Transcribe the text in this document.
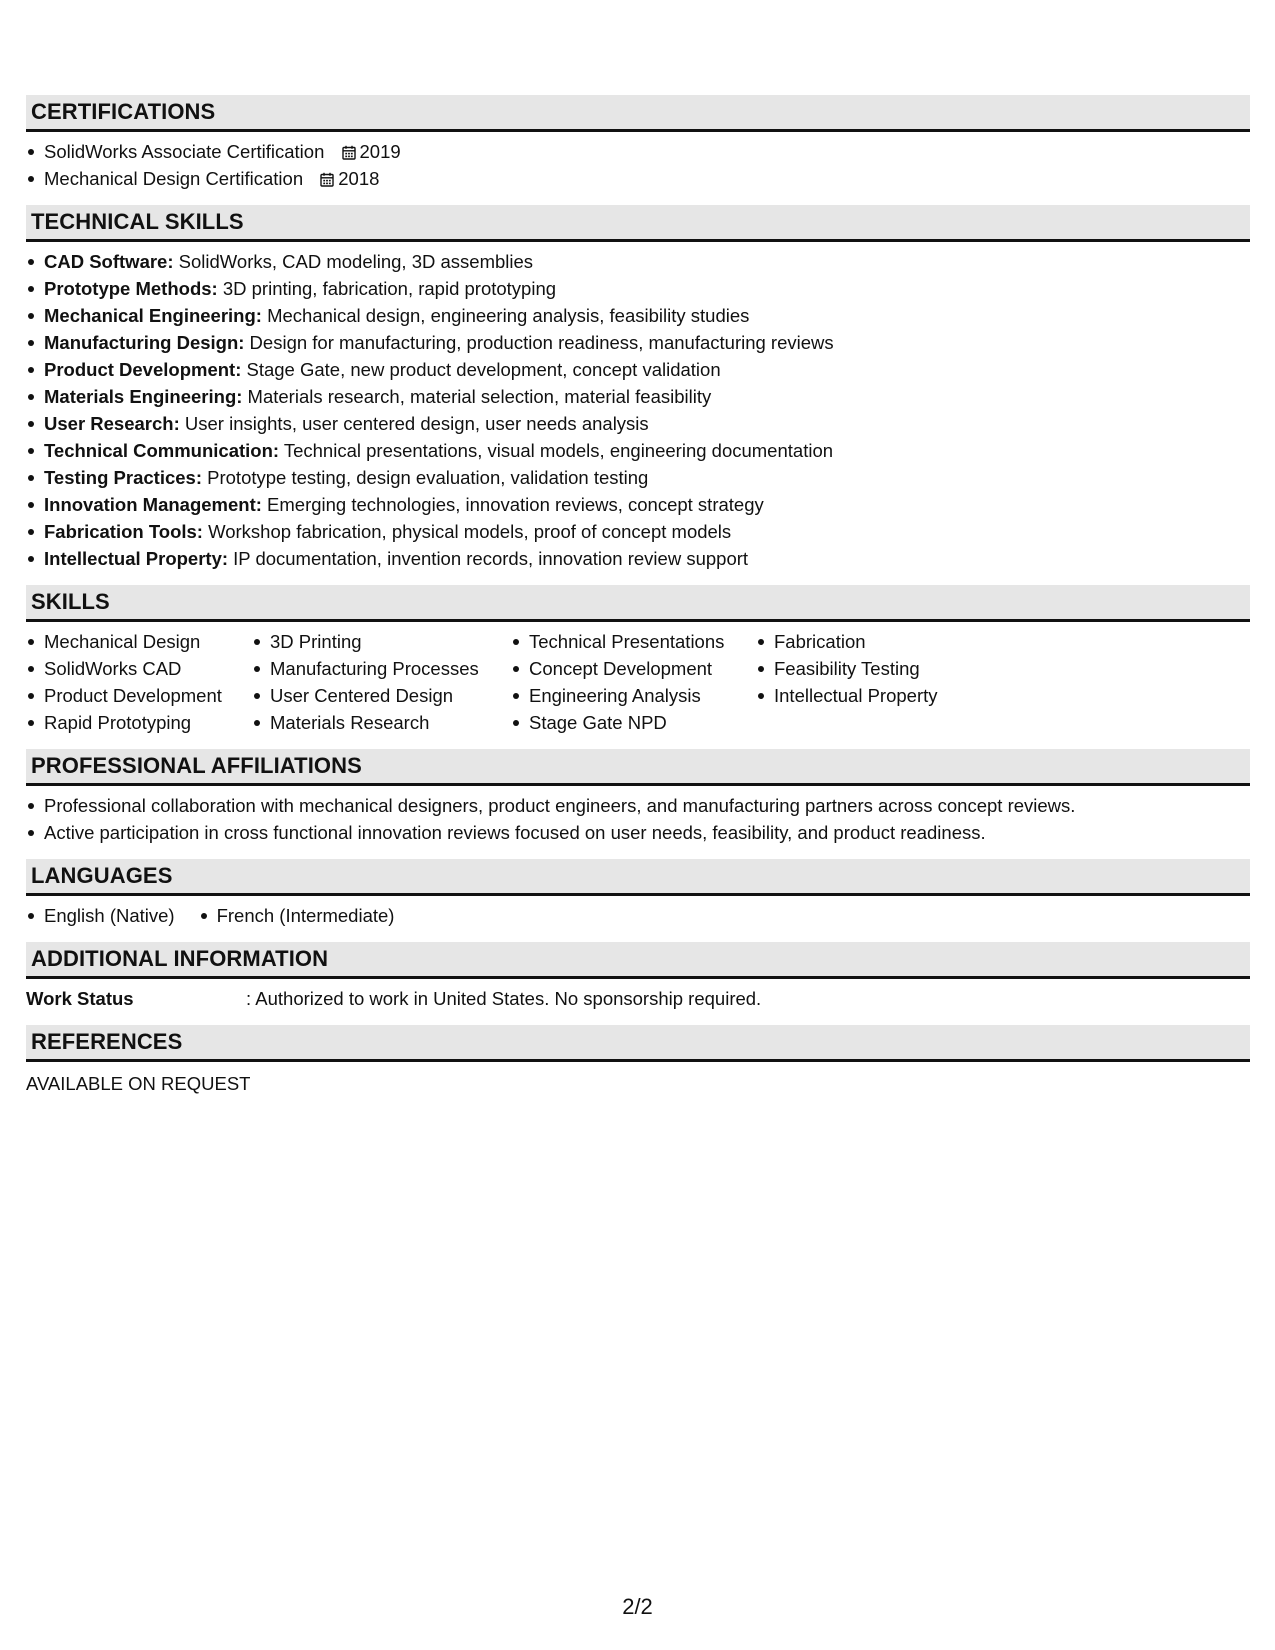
CERTIFICATIONS
SolidWorks Associate Certification 2019
Mechanical Design Certification 2018
TECHNICAL SKILLS
CAD Software: SolidWorks, CAD modeling, 3D assemblies
Prototype Methods: 3D printing, fabrication, rapid prototyping
Mechanical Engineering: Mechanical design, engineering analysis, feasibility studies
Manufacturing Design: Design for manufacturing, production readiness, manufacturing reviews
Product Development: Stage Gate, new product development, concept validation
Materials Engineering: Materials research, material selection, material feasibility
User Research: User insights, user centered design, user needs analysis
Technical Communication: Technical presentations, visual models, engineering documentation
Testing Practices: Prototype testing, design evaluation, validation testing
Innovation Management: Emerging technologies, innovation reviews, concept strategy
Fabrication Tools: Workshop fabrication, physical models, proof of concept models
Intellectual Property: IP documentation, invention records, innovation review support
SKILLS
Mechanical Design
SolidWorks CAD
Product Development
Rapid Prototyping
3D Printing
Manufacturing Processes
User Centered Design
Materials Research
Technical Presentations
Concept Development
Engineering Analysis
Stage Gate NPD
Fabrication
Feasibility Testing
Intellectual Property
PROFESSIONAL AFFILIATIONS
Professional collaboration with mechanical designers, product engineers, and manufacturing partners across concept reviews.
Active participation in cross functional innovation reviews focused on user needs, feasibility, and product readiness.
LANGUAGES
English (Native)	French (Intermediate)
ADDITIONAL INFORMATION
Work Status	: Authorized to work in United States. No sponsorship required.
REFERENCES
AVAILABLE ON REQUEST
2/2
